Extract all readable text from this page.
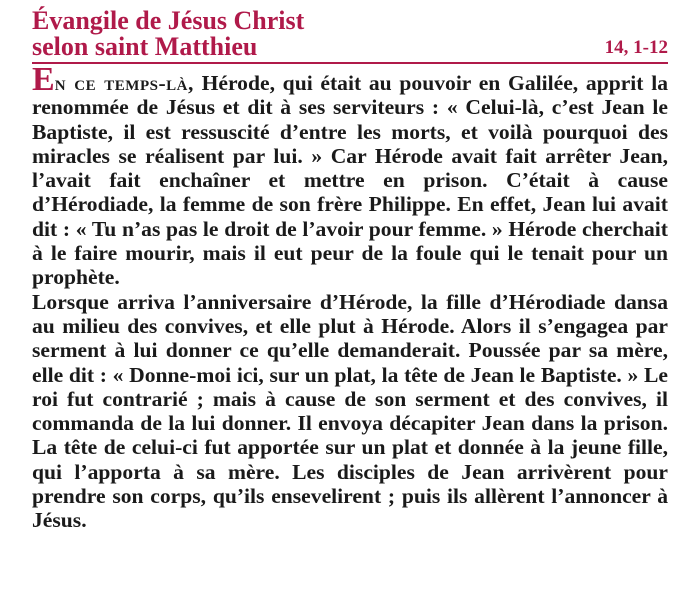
Évangile de Jésus Christ
selon saint Matthieu	14, 1-12

En ce temps-là, Hérode, qui était au pouvoir en Galilée, apprit la renommée de Jésus et dit à ses serviteurs : « Celui-là, c’est Jean le Baptiste, il est ressuscité d’entre les morts, et voilà pourquoi des miracles se réalisent par lui. » Car Hérode avait fait arrêter Jean, l’avait fait enchaîner et mettre en prison. C’était à cause d’Hérodiade, la femme de son frère Philippe. En effet, Jean lui avait dit : « Tu n’as pas le droit de l’avoir pour femme. » Hérode cherchait à le faire mourir, mais il eut peur de la foule qui le tenait pour un prophète.

Lorsque arriva l’anniversaire d’Hérode, la fille d’Hérodiade dansa au milieu des convives, et elle plut à Hérode. Alors il s’engagea par serment à lui donner ce qu’elle demanderait. Poussée par sa mère, elle dit : « Donne-moi ici, sur un plat, la tête de Jean le Baptiste. » Le roi fut contrarié ; mais à cause de son serment et des convives, il commanda de la lui donner. Il envoya décapiter Jean dans la prison. La tête de celui-ci fut apportée sur un plat et donnée à la jeune fille, qui l’apporta à sa mère. Les disciples de Jean arrivèrent pour prendre son corps, qu’ils ensevelirent ; puis ils allèrent l’annoncer à Jésus.
